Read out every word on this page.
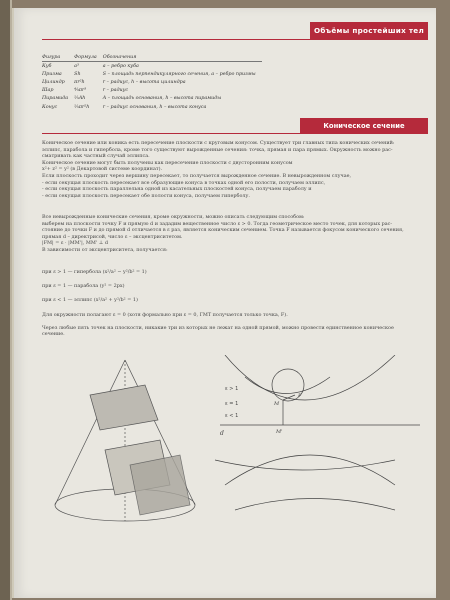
Объёмы простейших тел
Фигура	Формула	Обозначения
Куб	a³	a – ребро куба
Призма	Sh	S – площадь перпендикулярного сечения, a – ребро призмы
Цилиндр	πr²h	r – радиус, h – высота цилиндра
Шар	⁴⁄₃πr³	r – радиус
Пирамида	⅓Ah	A – площадь основания, h – высота пирамиды
Конус	⅓πr²h	r – радиус основания, h – высота конуса
Коническое сечение

Коническое сечение или коника есть пересечение плоскости с круговым конусом. Существует три главных типа конических сечений:

эллипс, парабола и гипербола, кроме того существуют вырожденные сечения: точка, прямая и пара прямых. Окружность можно рас-

сматривать как частный случай эллипса.

Коническое сечение могут быть получены как пересечение плоскости с двусторонним конусом

x²+ z² = y² (в Декартовой системе координат).

Если плоскость проходит через вершину пересекает, то получается вырожденное сечение. В невырожденном случае,

- если секущая плоскость пересекает все образующие конуса в точках одной его полости, получаем эллипс,

- если секущая плоскость параллельна одной из касательных плоскостей конуса, получаем параболу и

- если секущая плоскость пересекает обе полости конуса, получаем гиперболу.

Все невырожденные конические сечения, кроме окружности, можно описать следующим способом:

выберем на плоскости точку F и прямую d и зададим вещественное число ε > 0. Тогда геометрическое место точек, для которых рас-

стояние до точки F и до прямой d отличается в ε раз, является коническим сечением. Точка F называется фокусом конического сечения,

прямая d – директрисой, число ε – эксцентриситетом.

|FM| = ε · |MM'|, MM' ⊥ d

В зависимости от эксцентриситета, получается:

при ε > 1 — гипербола (x²/a² − y²/b² = 1)

при ε = 1 — парабола (y² = 2px)

при ε < 1 — эллипс (x²/a² + y²/b² = 1)

Для окружности полагают ε = 0 (хотя формально при ε = 0, ГМТ получается только точка, F).

Через любые пять точек на плоскости, никакие три из которых не лежат на одной прямой, можно провести единственное коническое

сечение.

ε > 1
ε = 1
ε < 1
d
M
M'
F
